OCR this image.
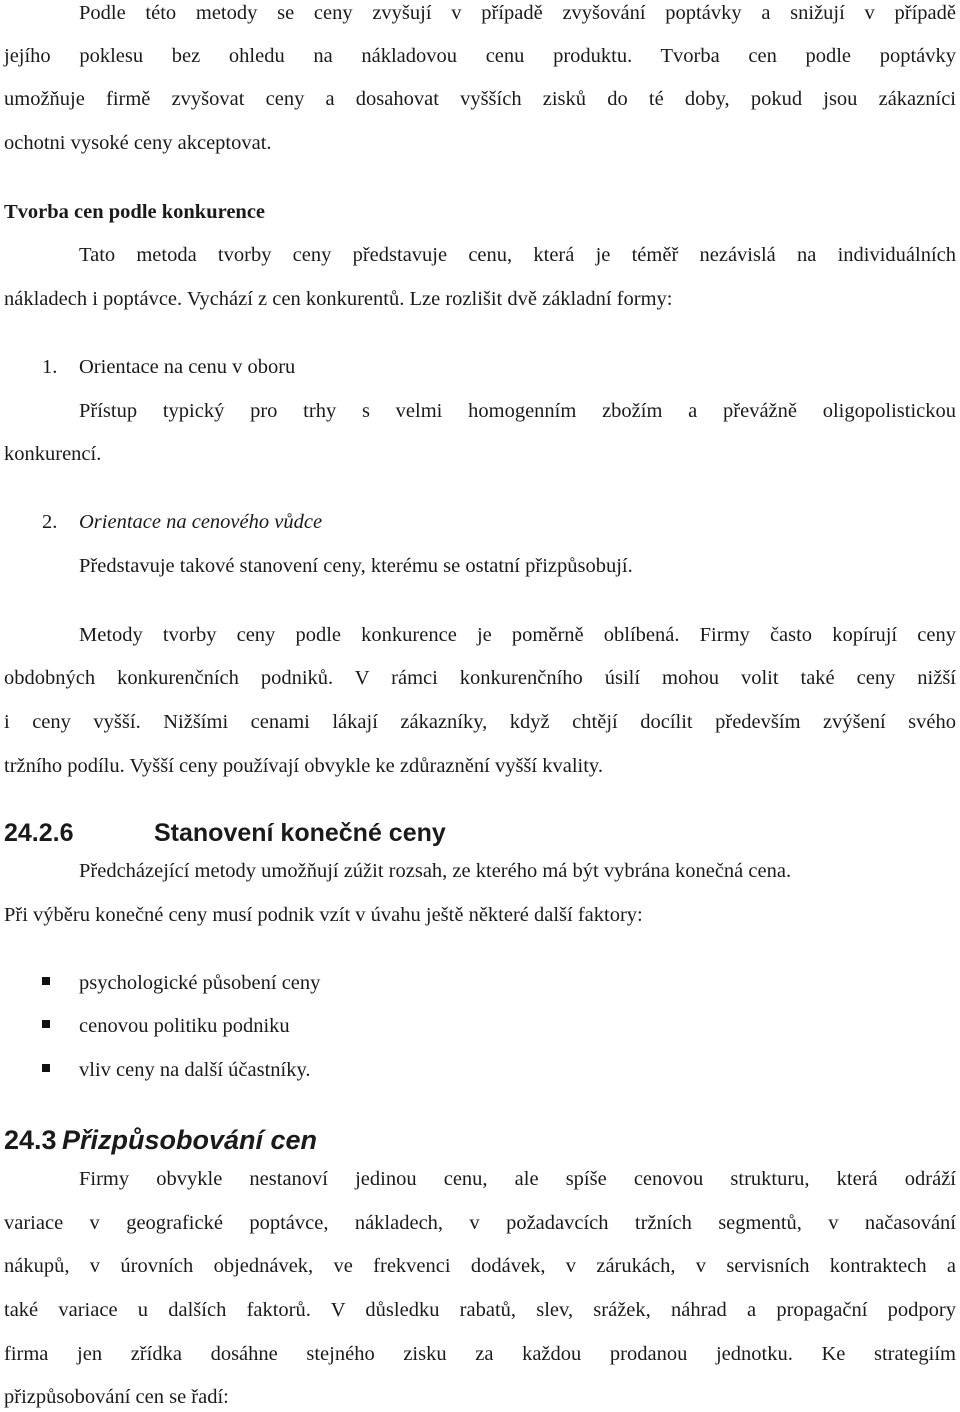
Podle této metody se ceny zvyšují v případě zvyšování poptávky a snižují v případě
jejího poklesu bez ohledu na nákladovou cenu produktu. Tvorba cen podle poptávky
umožňuje firmě zvyšovat ceny a dosahovat vyšších zisků do té doby, pokud jsou zákazníci
ochotni vysoké ceny akceptovat.
Tvorba cen podle konkurence
Tato metoda tvorby ceny představuje cenu, která je téměř nezávislá na individuálních
nákladech i poptávce. Vychází z cen konkurentů. Lze rozlišit dvě základní formy:
1.	Orientace na cenu v oboru
Přístup typický pro trhy s velmi homogenním zbožím a převážně oligopolistickou
konkurencí.
2.	Orientace na cenového vůdce
Představuje takové stanovení ceny, kterému se ostatní přizpůsobují.
Metody tvorby ceny podle konkurence je poměrně oblíbená. Firmy často kopírují ceny
obdobných konkurenčních podniků. V rámci konkurenčního úsilí mohou volit také ceny nižší
i ceny vyšší. Nižšími cenami lákají zákazníky, když chtějí docílit především zvýšení svého
tržního podílu. Vyšší ceny používají obvykle ke zdůraznění vyšší kvality.
24.2.6	Stanovení konečné ceny
Předcházející metody umožňují zúžit rozsah, ze kterého má být vybrána konečná cena.
Při výběru konečné ceny musí podnik vzít v úvahu ještě některé další faktory:
psychologické působení ceny
cenovou politiku podniku
vliv ceny na další účastníky.
24.3 Přizpůsobování cen
Firmy obvykle nestanoví jedinou cenu, ale spíše cenovou strukturu, která odráží
variace v geografické poptávce, nákladech, v požadavcích tržních segmentů, v načasování
nákupů, v úrovních objednávek, ve frekvenci dodávek, v zárukách, v servisních kontraktech a
také variace u dalších faktorů. V důsledku rabatů, slev, srážek, náhrad a propagační podpory
firma jen zřídka dosáhne stejného zisku za každou prodanou jednotku. Ke strategiím
přizpůsobování cen se řadí:
